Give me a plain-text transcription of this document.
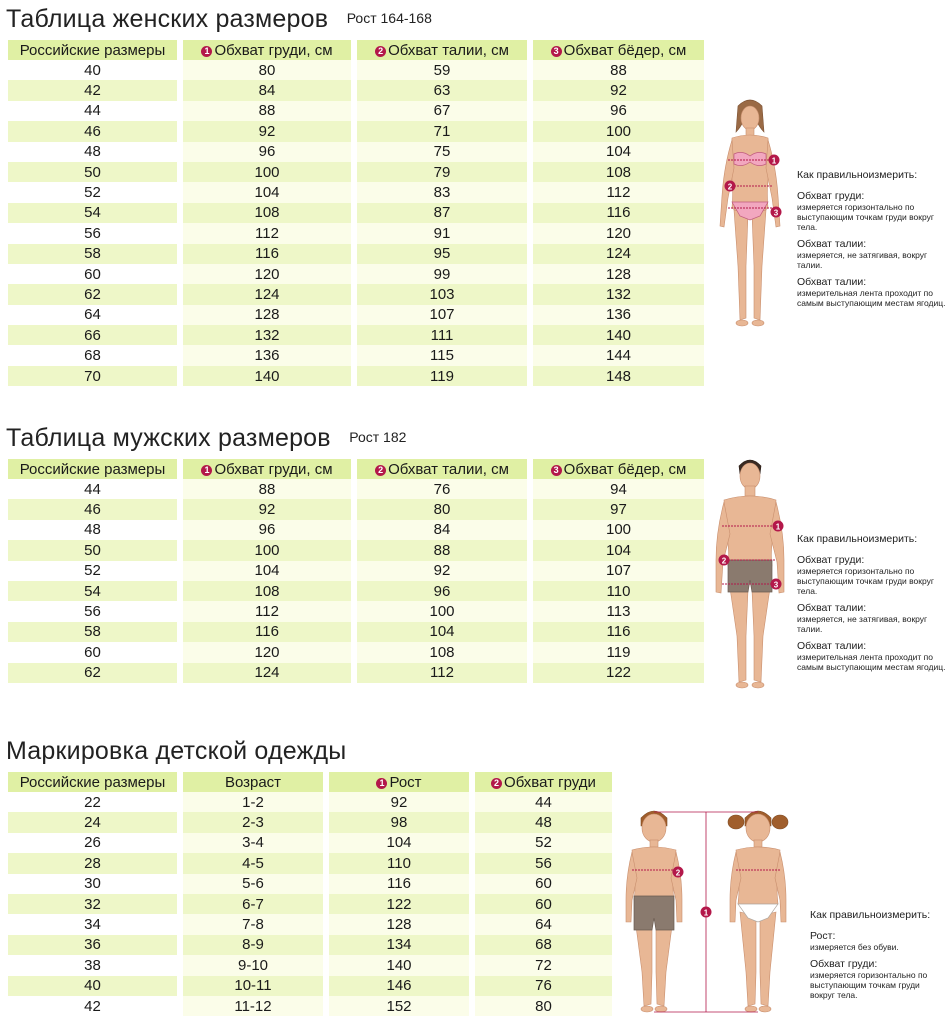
Таблица женских размеров Рост 164-168
Российские размеры	1 Обхват груди, см	2 Обхват талии, см	3 Обхват бёдер, см
40	80	59	88
42	84	63	92
44	88	67	96
46	92	71	100
48	96	75	104
50	100	79	108
52	104	83	112
54	108	87	116
56	112	91	120
58	116	95	124
60	120	99	128
62	124	103	132
64	128	107	136
66	132	111	140
68	136	115	144
70	140	119	148
1
2
3
Как правильноизмерить:
Обхват груди:
измеряется горизонтально по выступающим точкам груди вокруг тела.
Обхват талии:
измеряется, не затягивая, вокруг талии.
Обхват талии:
измерительная лента проходит по самым выступающим местам ягодиц.
Таблица мужских размеров Рост 182
Российские размеры	1 Обхват груди, см	2 Обхват талии, см	3 Обхват бёдер, см
44	88	76	94
46	92	80	97
48	96	84	100
50	100	88	104
52	104	92	107
54	108	96	110
56	112	100	113
58	116	104	116
60	120	108	119
62	124	112	122
1
2
3
Как правильноизмерить:
Обхват груди:
измеряется горизонтально по выступающим точкам груди вокруг тела.
Обхват талии:
измеряется, не затягивая, вокруг талии.
Обхват талии:
измерительная лента проходит по самым выступающим местам ягодиц.
Маркировка детской одежды
Российские размеры	Возраст	1 Рост	2 Обхват груди
22	1-2	92	44
24	2-3	98	48
26	3-4	104	52
28	4-5	110	56
30	5-6	116	60
32	6-7	122	60
34	7-8	128	64
36	8-9	134	68
38	9-10	140	72
40	10-11	146	76
42	11-12	152	80
1
2
Как правильноизмерить:
Рост:
измеряется без обуви.
Обхват груди:
измеряется горизонтально по выступающим точкам груди вокруг тела.
